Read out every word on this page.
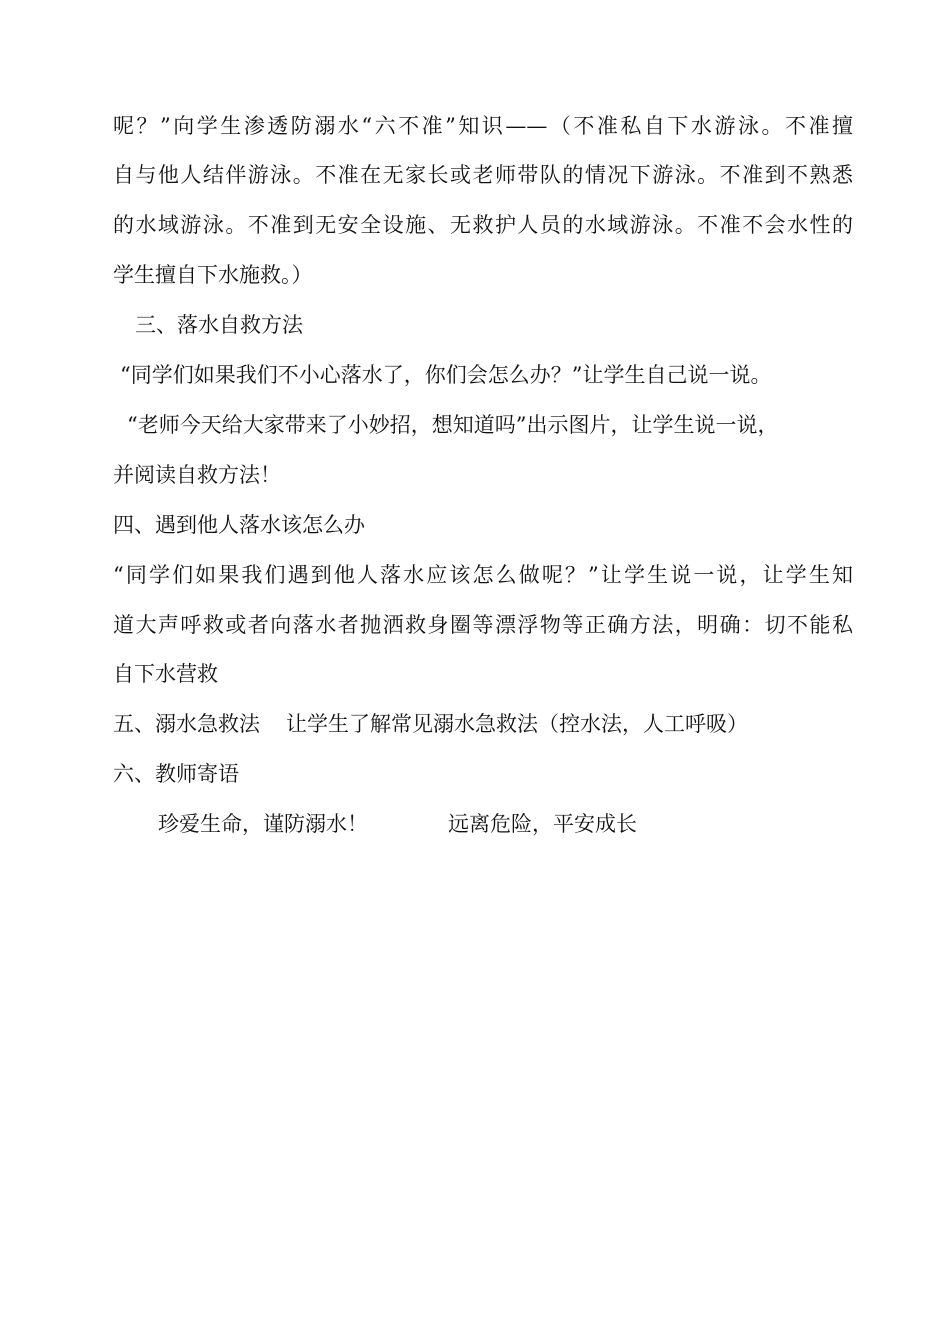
呢？”向学生渗透防溺水“六不准”知识——（不准私自下水游泳。不准擅
自与他人结伴游泳。不准在无家长或老师带队的情况下游泳。不准到不熟悉
的水域游泳。不准到无安全设施、无救护人员的水域游泳。不准不会水性的
学生擅自下水施救。）
三、落水自救方法
“同学们如果我们不小心落水了，你们会怎么办？”让学生自己说一说。
“老师今天给大家带来了小妙招，想知道吗”出示图片，让学生说一说，
并阅读自救方法！
四、遇到他人落水该怎么办
“同学们如果我们遇到他人落水应该怎么做呢？”让学生说一说，让学生知
道大声呼救或者向落水者抛洒救身圈等漂浮物等正确方法，明确：切不能私
自下水营救
五、溺水急救法 让学生了解常见溺水急救法（控水法，人工呼吸）
六、教师寄语
珍爱生命，谨防溺水！	远离危险，平安成长
